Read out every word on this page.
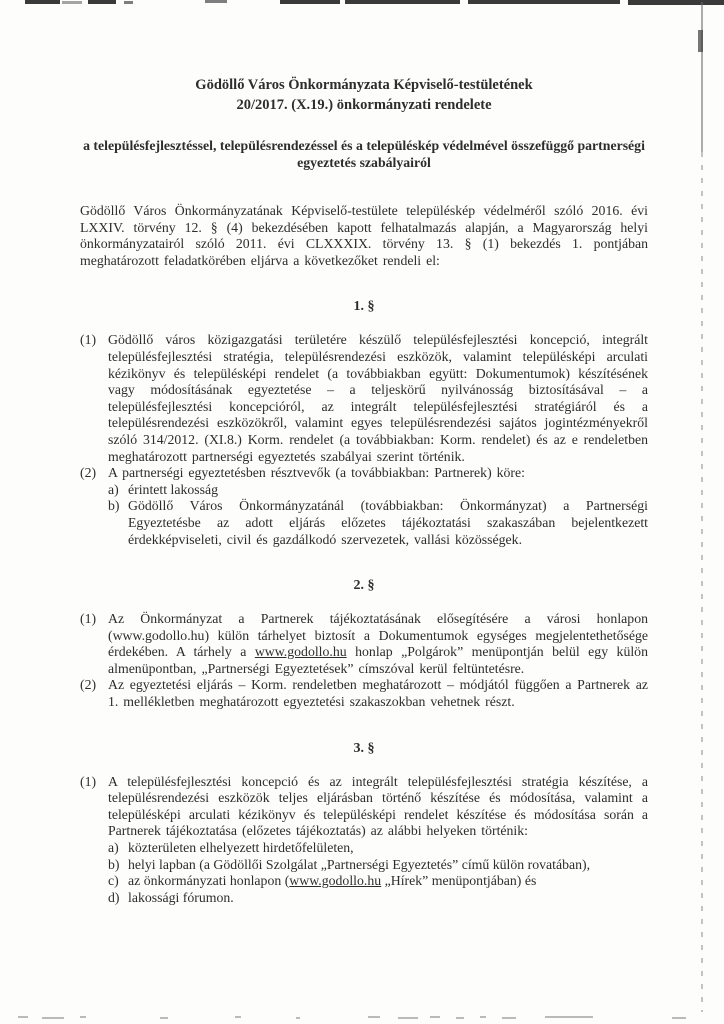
Gödöllő Város Önkormányzata Képviselő-testületének
20/2017. (X.19.) önkormányzati rendelete
a településfejlesztéssel, településrendezéssel és a településkép védelmével összefüggő partnerségi egyeztetés szabályairól

Gödöllő Város Önkormányzatának Képviselő-testülete településkép védelméről szóló 2016. évi LXXIV. törvény 12. § (4) bekezdésében kapott felhatalmazás alapján, a Magyarország helyi önkormányzatairól szóló 2011. évi CLXXXIX. törvény 13. § (1) bekezdés 1. pontjában meghatározott feladatkörében eljárva a következőket rendeli el:

1. §
(1) Gödöllő város közigazgatási területére készülő településfejlesztési koncepció, integrált településfejlesztési stratégia, településrendezési eszközök, valamint településképi arculati kézikönyv és településképi rendelet (a továbbiakban együtt: Dokumentumok) készítésének vagy módosításának egyeztetése – a teljeskörű nyilvánosság biztosításával – a településfejlesztési koncepcióról, az integrált településfejlesztési stratégiáról és a településrendezési eszközökről, valamint egyes településrendezési sajátos jogintézményekről szóló 314/2012. (XI.8.) Korm. rendelet (a továbbiakban: Korm. rendelet) és az e rendeletben meghatározott partnerségi egyeztetés szabályai szerint történik.
(2) A partnerségi egyeztetésben résztvevők (a továbbiakban: Partnerek) köre:
a) érintett lakosság
b) Gödöllő Város Önkormányzatánál (továbbiakban: Önkormányzat) a Partnerségi Egyeztetésbe az adott eljárás előzetes tájékoztatási szakaszában bejelentkezett érdekképviseleti, civil és gazdálkodó szervezetek, vallási közösségek.
2. §
(1) Az Önkormányzat a Partnerek tájékoztatásának elősegítésére a városi honlapon (www.godollo.hu) külön tárhelyet biztosít a Dokumentumok egységes megjelentethetősége érdekében. A tárhely a www.godollo.hu honlap „Polgárok” menüpontján belül egy külön almenüpontban, „Partnerségi Egyeztetések” címszóval kerül feltüntetésre.
(2) Az egyeztetési eljárás – Korm. rendeletben meghatározott – módjától függően a Partnerek az 1. mellékletben meghatározott egyeztetési szakaszokban vehetnek részt.
3. §
(1) A településfejlesztési koncepció és az integrált településfejlesztési stratégia készítése, a településrendezési eszközök teljes eljárásban történő készítése és módosítása, valamint a településképi arculati kézikönyv és településképi rendelet készítése és módosítása során a Partnerek tájékoztatása (előzetes tájékoztatás) az alábbi helyeken történik:
a) közterületen elhelyezett hirdetőfelületen,
b) helyi lapban (a Gödöllői Szolgálat „Partnerségi Egyeztetés” című külön rovatában),
c) az önkormányzati honlapon (www.godollo.hu „Hírek” menüpontjában) és
d) lakossági fórumon.
